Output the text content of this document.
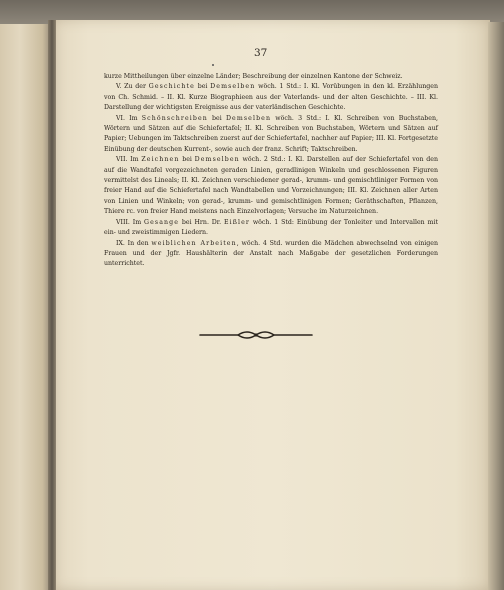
37

kurze Mittheilungen über einzelne Länder; Beschreibung der einzelnen Kantone der Schweiz.

V. Zu der Geschichte bei Demselben wöch. 1 Std.: I. Kl. Vorübungen in den kl. Erzählungen von Ch. Schmid. – II. Kl. Kurze Biographieen aus der Vaterlands- und der alten Geschichte. – III. Kl. Darstellung der wichtigsten Ereignisse aus der vaterländischen Geschichte.

VI. Im Schönschreiben bei Demselben wöch. 3 Std.: I. Kl. Schreiben von Buchstaben, Wörtern und Sätzen auf die Schiefertafel; II. Kl. Schreiben von Buchstaben, Wörtern und Sätzen auf Papier; Uebungen im Taktschreiben zuerst auf der Schiefertafel, nachher auf Papier; III. Kl. Fortgesetzte Einübung der deutschen Kurrent-, sowie auch der franz. Schrift; Taktschreiben.

VII. Im Zeichnen bei Demselben wöch. 2 Std.: I. Kl. Darstellen auf der Schiefertafel von den auf die Wandtafel vorgezeichneten geraden Linien, geradlinigen Winkeln und geschlossenen Figuren vermittelst des Lineals; II. Kl. Zeichnen verschiedener gerad-, krumm- und gemischtliniger Formen von freier Hand auf die Schiefertafel nach Wandtabellen und Vorzeichnungen; III. Kl. Zeichnen aller Arten von Linien und Winkeln; von gerad-, krumm- und gemischtlinigen Formen; Geräthschaften, Pflanzen, Thiere rc. von freier Hand meistens nach Einzelvorlagen; Versuche im Naturzeichnen.

VIII. Im Gesange bei Hrn. Dr. Eißler wöch. 1 Std: Einübung der Tonleiter und Intervallen mit ein- und zweistimmigen Liedern.

IX. In den weiblichen Arbeiten, wöch. 4 Std. wurden die Mädchen abwechselnd von einigen Frauen und der Jgfr. Haushälterin der Anstalt nach Maßgabe der gesetzlichen Forderungen unterrichtet.
